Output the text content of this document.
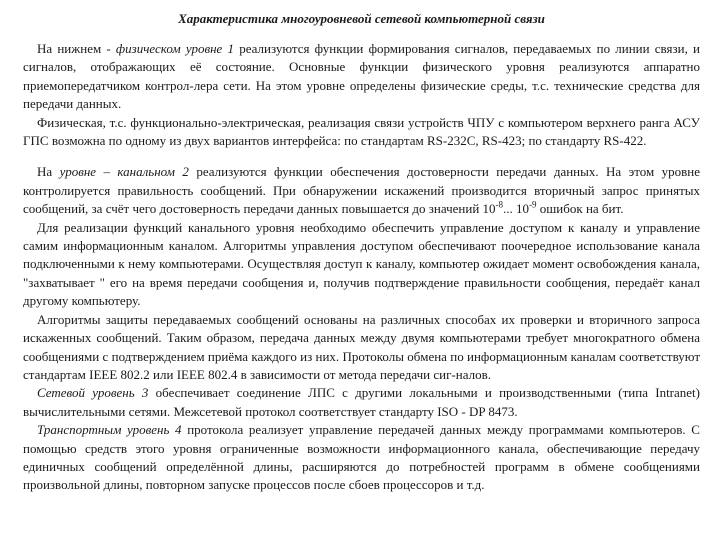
Характеристика многоуровневой сетевой компьютерной связи

На нижнем - физическом уровне 1 реализуются функции формирования сигналов, передаваемых по линии связи, и сигналов, отображающих её состояние. Основные функции физического уровня реализуются аппаратно приемопередатчиком контрол-лера сети. На этом уровне определены физические среды, т.с. технические средства для передачи данных.

Физическая, т.с. функционально-электрическая, реализация связи устройств ЧПУ с компьютером верхнего ранга АСУ ГПС возможна по одному из двух вариантов интерфейса: по стандартам RS-232С, RS-423; по стандарту RS-422.

На уровне – канальном 2 реализуются функции обеспечения достоверности передачи данных. На этом уровне контролируется правильность сообщений. При обнаружении искажений производится вторичный запрос принятых сообщений, за счёт чего достоверность передачи данных повышается до значений $10^{-8}$... $10^{-9}$ ошибок на бит.

Для реализации функций канального уровня необходимо обеспечить управление доступом к каналу и управление самим информационным каналом. Алгоритмы управления доступом обеспечивают поочередное использование канала подключенными к нему компьютерами. Осуществляя доступ к каналу, компьютер ожидает момент освобождения канала, "захватывает " его на время передачи сообщения и, получив подтверждение правильности сообщения, передаёт канал другому компьютеру.

Алгоритмы защиты передаваемых сообщений основаны на различных способах их проверки и вторичного запроса искаженных сообщений. Таким образом, передача данных между двумя компьютерами требует многократного обмена сообщениями с подтверждением приёма каждого из них. Протоколы обмена по информационным каналам соответствуют стандартам IEEE 802.2 или IEEE 802.4 в зависимости от метода передачи сиг-налов.

Сетевой уровень 3 обеспечивает соединение ЛПС с другими локальными и производственными (типа Intranet) вычислительными сетями. Межсетевой протокол соответствует стандарту ISO - DP 8473.

Транспортным уровень 4 протокола реализует управление передачей данных между программами компьютеров. С помощью средств этого уровня ограниченные возможности информационного канала, обеспечивающие передачу единичных сообщений определённой длины, расширяются до потребностей программ в обмене сообщениями произвольной длины, повторном запуске процессов после сбоев процессоров и т.д.
